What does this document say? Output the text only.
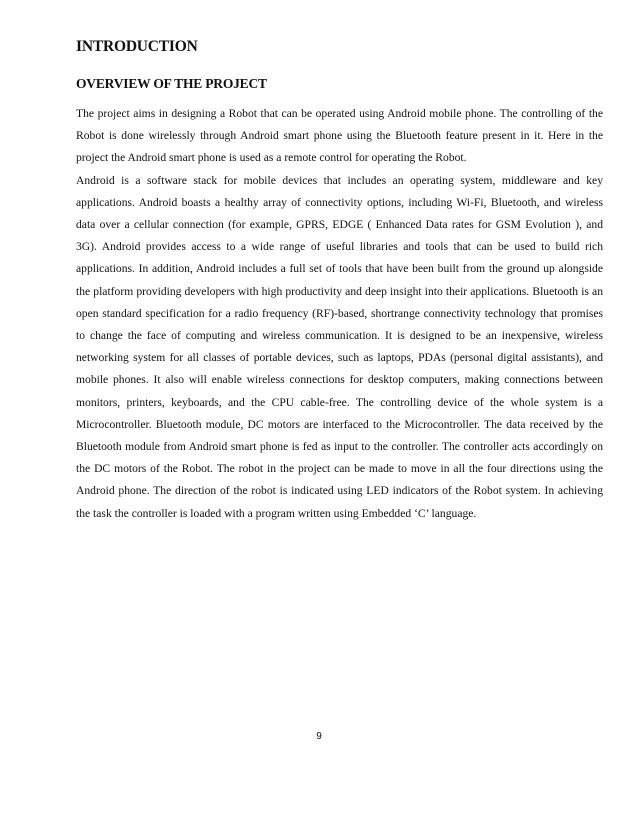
INTRODUCTION
OVERVIEW OF THE PROJECT

The project aims in designing a Robot that can be operated using Android mobile phone. The controlling of the Robot is done wirelessly through Android smart phone using the Bluetooth feature present in it. Here in the project the Android smart phone is used as a remote control for operating the Robot.

Android is a software stack for mobile devices that includes an operating system, middleware and key applications. Android boasts a healthy array of connectivity options, including Wi-Fi, Bluetooth, and wireless data over a cellular connection (for example, GPRS, EDGE ( Enhanced Data rates for GSM Evolution ), and 3G). Android provides access to a wide range of useful libraries and tools that can be used to build rich applications. In addition, Android includes a full set of tools that have been built from the ground up alongside the platform providing developers with high productivity and deep insight into their applications. Bluetooth is an open standard specification for a radio frequency (RF)-based, shortrange connectivity technology that promises to change the face of computing and wireless communication. It is designed to be an inexpensive, wireless networking system for all classes of portable devices, such as laptops, PDAs (personal digital assistants), and mobile phones. It also will enable wireless connections for desktop computers, making connections between monitors, printers, keyboards, and the CPU cable-free. The controlling device of the whole system is a Microcontroller. Bluetooth module, DC motors are interfaced to the Microcontroller. The data received by the Bluetooth module from Android smart phone is fed as input to the controller. The controller acts accordingly on the DC motors of the Robot. The robot in the project can be made to move in all the four directions using the Android phone. The direction of the robot is indicated using LED indicators of the Robot system. In achieving the task the controller is loaded with a program written using Embedded ‘C’ language.

9
